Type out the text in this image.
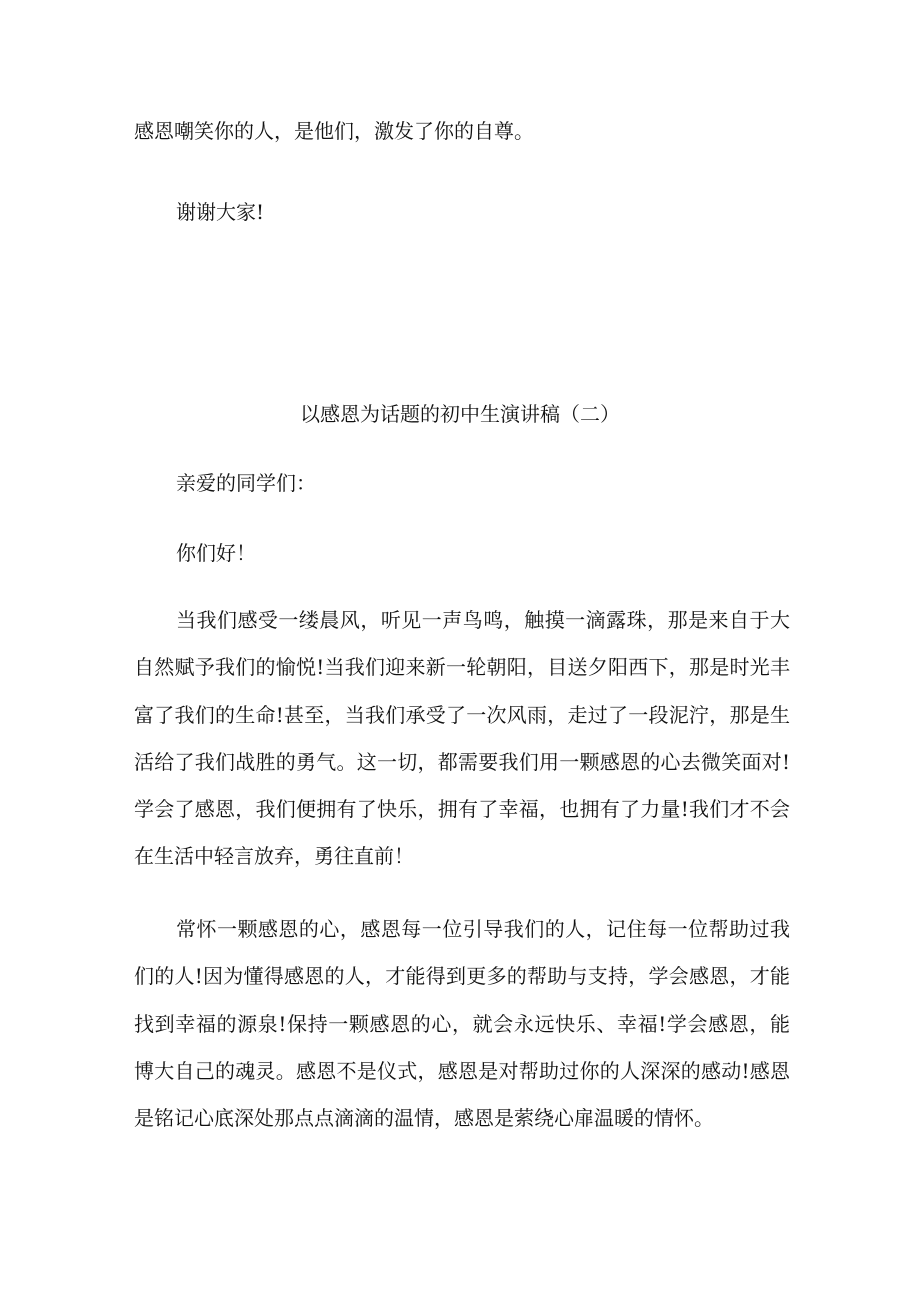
感恩嘲笑你的人，是他们，激发了你的自尊。

谢谢大家!

以感恩为话题的初中生演讲稿（二）

亲爱的同学们：

你们好！

当我们感受一缕晨风，听见一声鸟鸣，触摸一滴露珠，那是来自于大自然赋予我们的愉悦!当我们迎来新一轮朝阳，目送夕阳西下，那是时光丰富了我们的生命!甚至，当我们承受了一次风雨，走过了一段泥泞，那是生活给了我们战胜的勇气。这一切，都需要我们用一颗感恩的心去微笑面对!学会了感恩，我们便拥有了快乐，拥有了幸福，也拥有了力量!我们才不会在生活中轻言放弃，勇往直前！

常怀一颗感恩的心，感恩每一位引导我们的人，记住每一位帮助过我们的人!因为懂得感恩的人，才能得到更多的帮助与支持，学会感恩，才能找到幸福的源泉!保持一颗感恩的心，就会永远快乐、幸福!学会感恩，能博大自己的魂灵。感恩不是仪式，感恩是对帮助过你的人深深的感动!感恩是铭记心底深处那点点滴滴的温情，感恩是萦绕心扉温暖的情怀。
